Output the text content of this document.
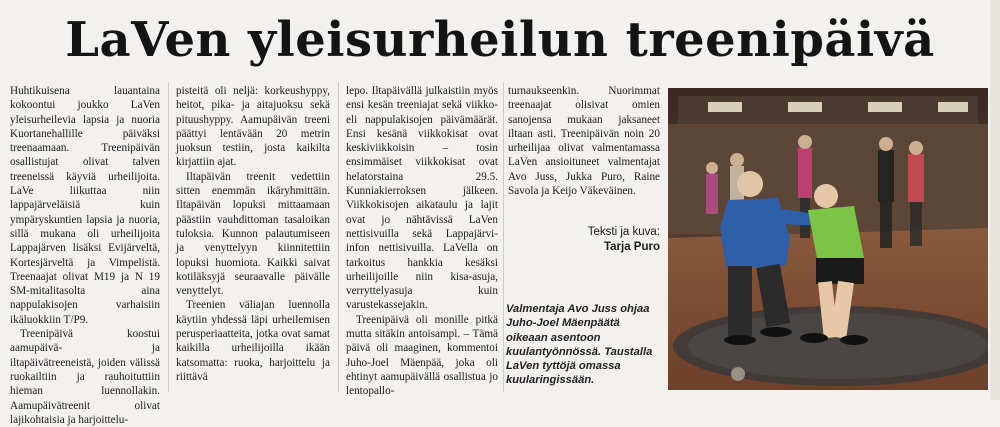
LaVen yleisurheilun treenipäivä

Huhtikuisena lauantaina kokoontui joukko LaVen yleisurheilevia lapsia ja nuoria Kuortanehallille päiväksi treenaamaan. Treenipäivän osallistujat olivat talven treeneissä käyviä urheilijoita. LaVe liikuttaa niin lappajärveläisiä kuin ympäryskuntien lapsia ja nuoria, sillä mukana oli urheilijoita Lappajärven lisäksi Evijärveltä, Kortesjärveltä ja Vimpelistä. Treenaajat olivat M19 ja N 19 SM-mitalitasolta aina nappulakisojen varhaisiin ikäluokkiin T/P9.

Treenipäivä koostui aamupäivä- ja iltapäivätreeneistä, joiden välissä ruokailtiin ja rauhoituttiin hieman luennollakin. Aamupäivätreenit olivat lajikohtaisia ja harjoittelu-

pisteitä oli neljä: korkeushyppy, heitot, pika- ja aitajuoksu sekä pituushyppy. Aamupäivän treeni päättyi lentävään 20 metrin juoksun testiin, josta kaikilta kirjattiin ajat.

Iltapäivän treenit vedettiin sitten enemmän ikäryhmittäin. Iltapäivän lopuksi mittaamaan päästiin vauhdittoman tasaloikan tuloksia. Kunnon palautumiseen ja venyttelyyn kiinnitettiin lopuksi huomiota. Kaikki saivat kotiläksyjä seuraavalle päivälle venyttelyt.

Treenien väliajan luennolla käytiin yhdessä läpi urheilemisen perusperiaatteita, jotka ovat samat kaikilla urheilijoilla ikään katsomatta: ruoka, harjoittelu ja riittävä

lepo. Iltapäivällä julkaistiin myös ensi kesän treeniajat sekä viikko- eli nappulakisojen päivämäärät. Ensi kesänä viikkokisat ovat keskiviikkoisin – tosin ensimmäiset viikkokisat ovat helatorstaina 29.5. Kunniakierroksen jälkeen. Viikkokisojen aikataulu ja lajit ovat jo nähtävissä LaVen nettisivuilla sekä Lappajärvi-infon nettisivuilla. LaVella on tarkoitus hankkia kesäksi urheilijoille niin kisa-asuja, verryttelyasuja kuin varustekassejakin.

Treenipäivä oli monille pitkä mutta sitäkin antoisampi. – Tämä päivä oli maaginen, kommentoi Juho-Joel Mäenpää, joka oli ehtinyt aamupäivällä osallistua jo lentopallo-

turnaukseenkin. Nuorimmat treenaajat olisivat omien sanojensa mukaan jaksaneet iltaan asti. Treenipäivän noin 20 urheilijaa olivat valmentamassa LaVen ansioituneet valmentajat Avo Juss, Jukka Puro, Raine Savola ja Keijo Väkeväinen.

Teksti ja kuva:
Tarja Puro
Valmentaja Avo Juss ohjaa Juho-Joel Mäenpäätä oikeaan asentoon kuulantyönnössä. Taustalla LaVen tyttöjä omassa kuularingissään.
